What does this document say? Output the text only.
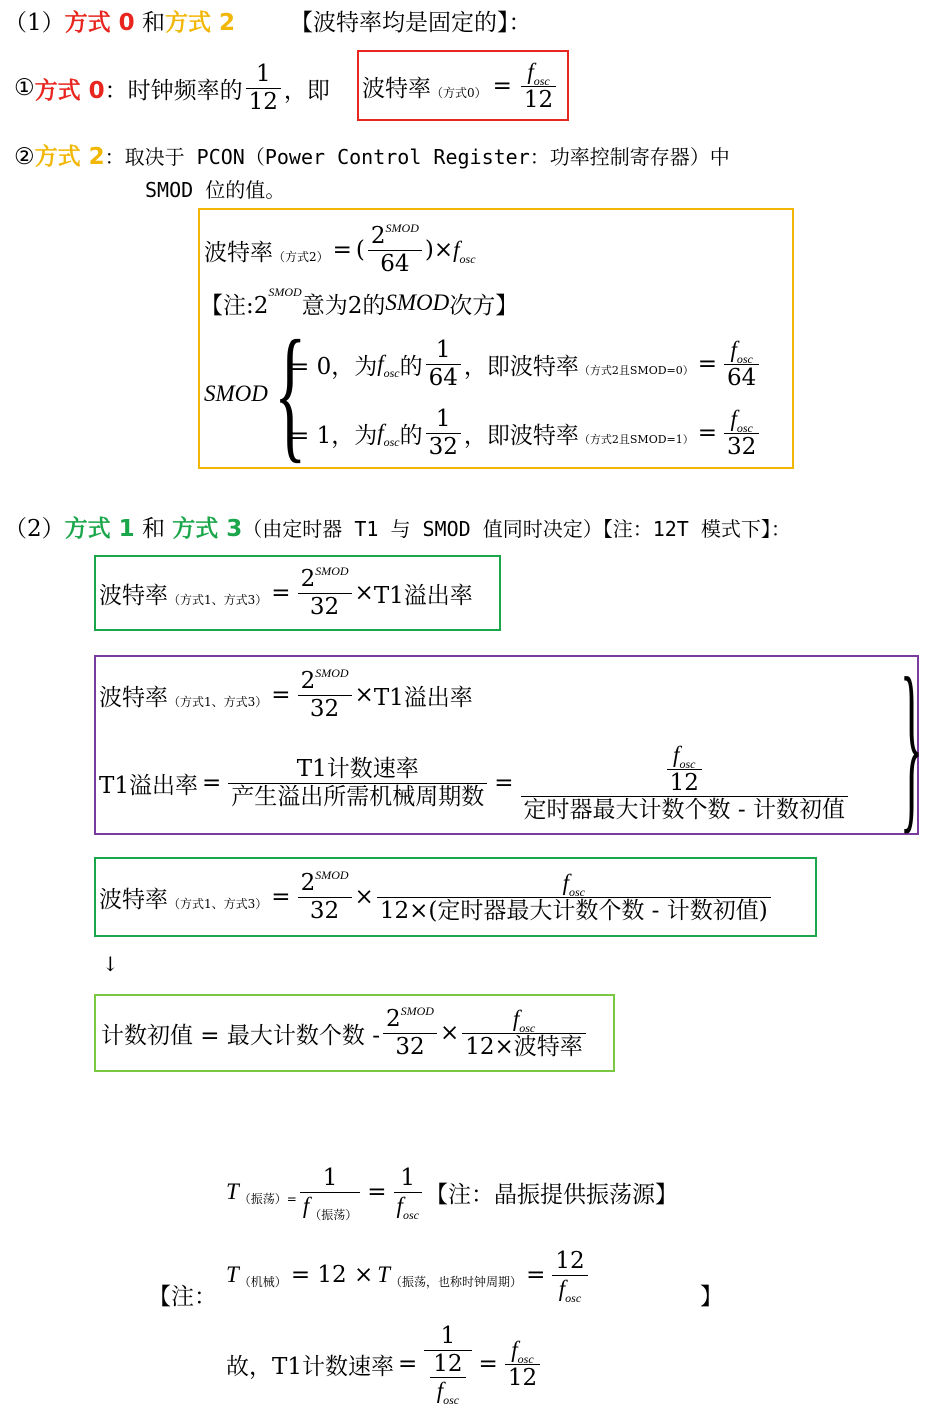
（1）方式 0 和方式 2 【波特率均是固定的】：
① 方式 0 ：时钟频率的 $\frac{1}{12}$ ，即 波特率 （方式$0) = \frac{f_{osc}}{12}$
②方式 2：取决于 PCON（Power Control Register：功率控制寄存器）中
SMOD 位的值。
波特率 （方式2） = ( $\frac{2^{SMOD}}{64}$ ) × $f_{osc}$
【注:2
SMOD
意为2的 SMOD 次方】
SMOD {
= 0，为 $f_{osc}$ 的 $\frac{1}{64}$ ，即波特率 （方式2且SMOD=0） = $\frac{f_{osc}}{64}$
= 1，为 $f_{osc}$ 的 $\frac{1}{32}$ ，即波特率 （方式2且SMOD=1） = $\frac{f_{osc}}{32}$
（2）方式 1 和 方式 3（由定时器 T1 与 SMOD 值同时决定）【注：12T 模式下】：
波特率 （方式1、方式$3) = \frac{2^{SMOD}}{32} \times T1$溢出率
波特率 （方式1、方式$3) = \frac{2^{SMOD}}{32} \times T1$溢出率
T1溢出率 = $\frac{\text{T1计数速率}}{\text{产生溢出所需机械周期数}} = \frac{\frac{f_{osc}}{12}}{\text{定时器最大计数个数 - 计数初值}}$ }
波特率 （方式1、方式$3) = \frac{2^{SMOD}}{32} \times \frac{f_{osc}}{\text{12×(定时器最大计数个数 - 计数初值)}}$
↓
计数初值 = 最大计数个数 - $\frac{2^{SMOD}}{32} \times \frac{f_{osc}}{\text{12×波特率}}$
T （振荡）= $\frac{1}{f_{(振荡)}} = \frac{1}{f_{osc}}$ 【注：晶振提供振荡源】
【注：	】
T （机械） = 12 × T （振荡，也称时钟周期） = $\frac{12}{f_{osc}}$
故， T1计数速率 = $\frac{1}{\frac{12}{f_{osc}}} = \frac{f_{osc}}{12}$
